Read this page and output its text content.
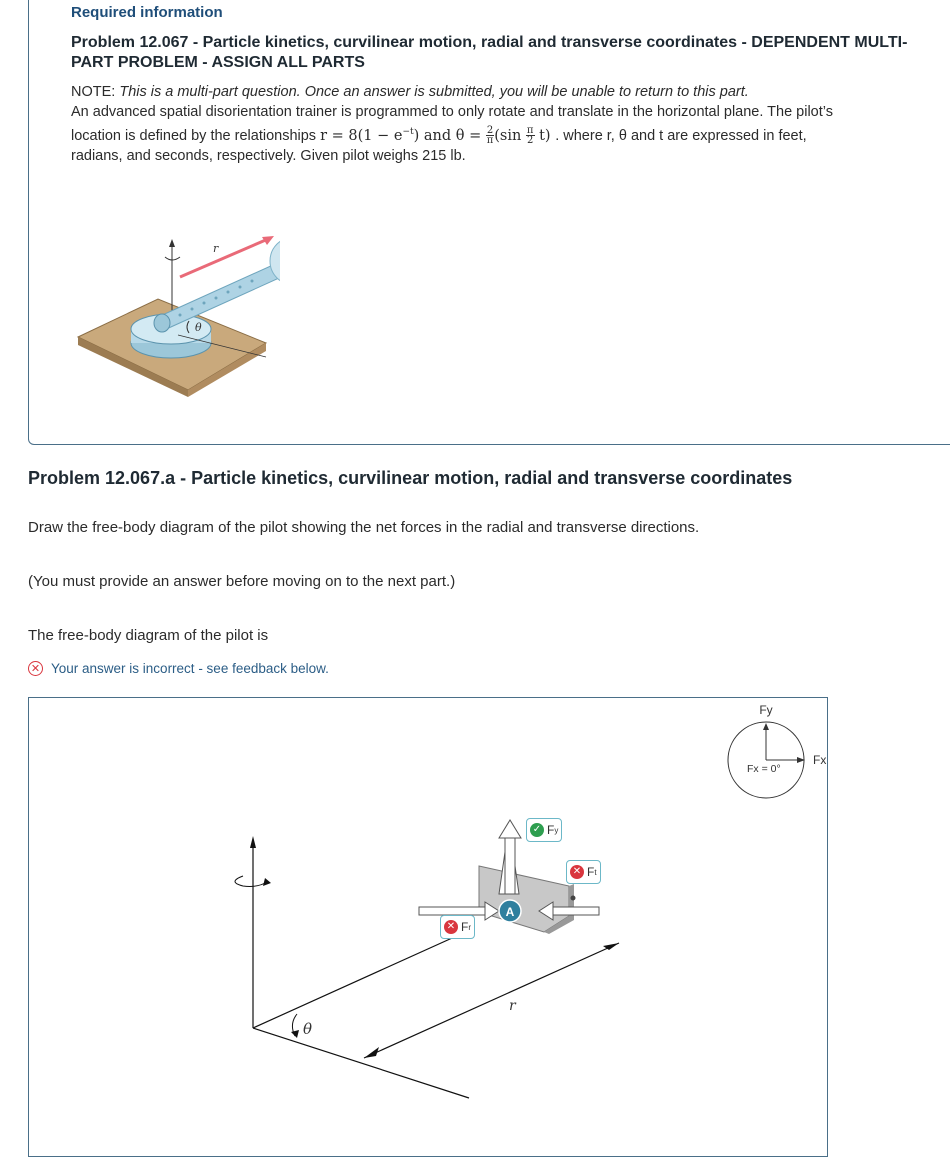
Required information
Problem 12.067 - Particle kinetics, curvilinear motion, radial and transverse coordinates - DEPENDENT MULTI-PART PROBLEM - ASSIGN ALL PARTS
NOTE: This is a multi-part question. Once an answer is submitted, you will be unable to return to this part.
An advanced spatial disorientation trainer is programmed to only rotate and translate in the horizontal plane. The pilot’s
location is defined by the relationships $r = 8(1 - e^{-t})$ and $\theta = \frac{2}{\pi} (\sin \frac{\pi}{2} t)$ . where r, θ and t are expressed in feet,
radians, and seconds, respectively. Given pilot weighs 215 lb.
r
θ
Problem 12.067.a - Particle kinetics, curvilinear motion, radial and transverse coordinates
Draw the free-body diagram of the pilot showing the net forces in the radial and transverse directions.
(You must provide an answer before moving on to the next part.)
The free-body diagram of the pilot is
✕ Your answer is incorrect - see feedback below.
Fy
Fx
Fx = 0°
r
θ
A
✓ F y
✕ F t
✕ F r
